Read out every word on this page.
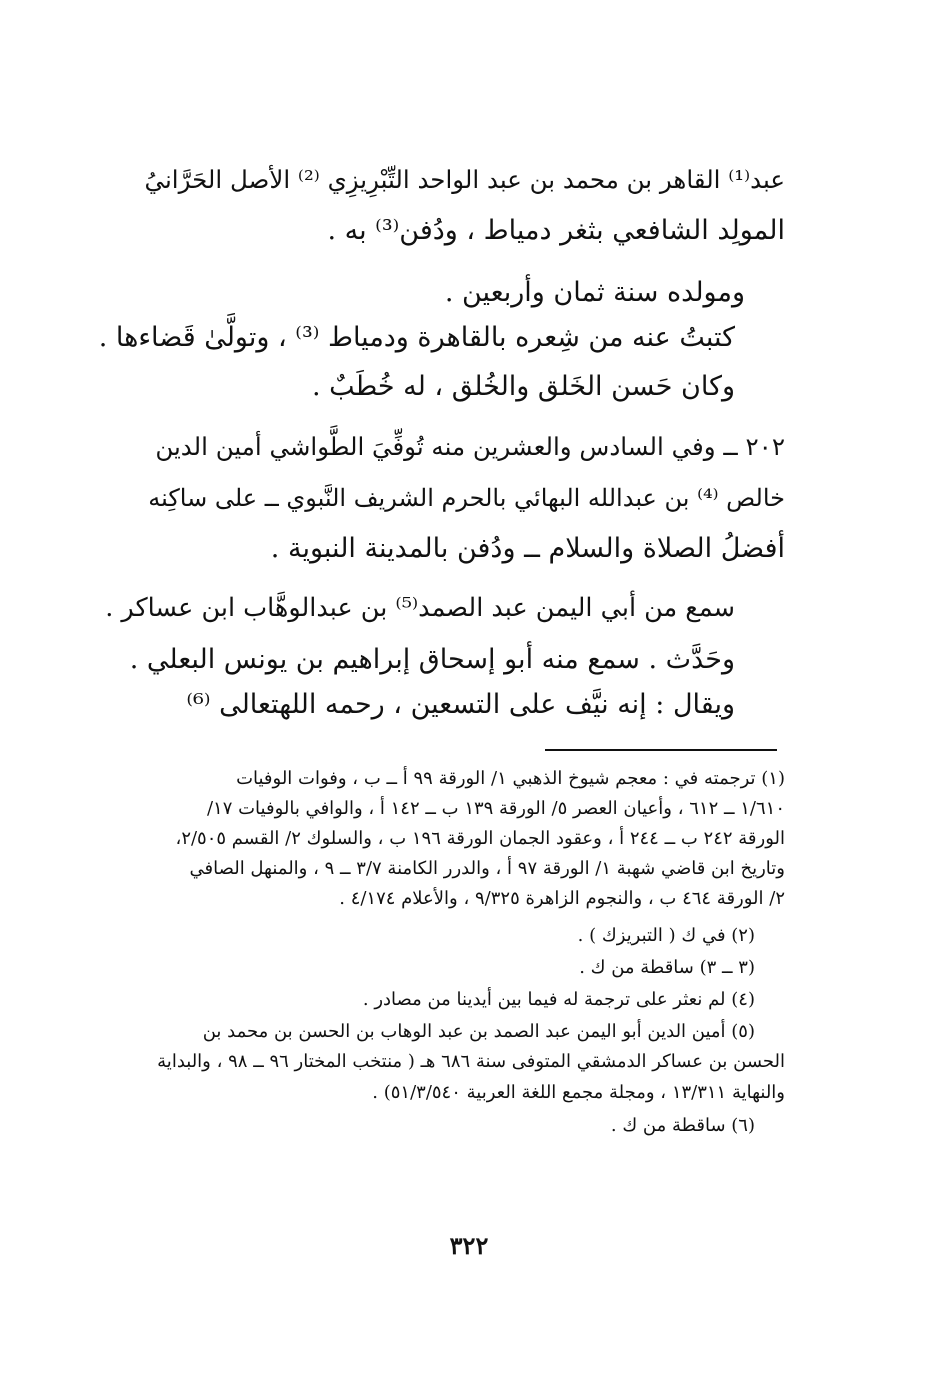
عبد⁽¹⁾ القاهر بن محمد بن عبد الواحد التِّبْرِيزِي ⁽²⁾ الأصل الحَرَّانيُ
المولِد الشافعي بثغر دمياط ، ودُفن⁽³⁾ به .
ومولده سنة ثمان وأربعين .
كتبتُ عنه من شِعره بالقاهرة ودمياط ⁽³⁾ ، وتولَّىٰ قَضاءها .
وكان حَسن الخَلق والخُلق ، له خُطَبٌ .
٢٠٢ ــ وفي السادس والعشرين منه تُوفِّيَ الطَّواشي أمين الدين
خالص ⁽⁴⁾ بن عبدالله البهائي بالحرم الشريف النَّبوي ــ على ساكِنه
أفضلُ الصلاة والسلام ــ ودُفن بالمدينة النبوية .
سمع من أبي اليمن عبد الصمد⁽⁵⁾ بن عبدالوهَّاب ابن عساكر .
وحَدَّث . سمع منه أبو إسحاق إبراهيم بن يونس البعلي .
ويقال : إنه نيَّف على التسعين ، رحمه اللهتعالى ⁽⁶⁾
(١) ترجمته في : معجم شيوخ الذهبي ١/ الورقة ٩٩ أ ــ ب ، وفوات الوفيات
١/٦١٠ ــ ٦١٢ ، وأعيان العصر ٥/ الورقة ١٣٩ ب ــ ١٤٢ أ ، والوافي بالوفيات ١٧/
الورقة ٢٤٢ ب ــ ٢٤٤ أ ، وعقود الجمان الورقة ١٩٦ ب ، والسلوك ٢/ القسم ٢/٥٠٥،
وتاريخ ابن قاضي شهبة ١/ الورقة ٩٧ أ ، والدرر الكامنة ٣/٧ ــ ٩ ، والمنهل الصافي
٢/ الورقة ٤٦٤ ب ، والنجوم الزاهرة ٩/٣٢٥ ، والأعلام ٤/١٧٤ .
(٢) في ك ( التبريزك ) .
(٣ ــ ٣) ساقطة من ك .
(٤) لم نعثر على ترجمة له فيما بين أيدينا من مصادر .
(٥) أمين الدين أبو اليمن عبد الصمد بن عبد الوهاب بن الحسن بن محمد بن
الحسن بن عساكر الدمشقي المتوفى سنة ٦٨٦ هـ ( منتخب المختار ٩٦ ــ ٩٨ ، والبداية
والنهاية ١٣/٣١١ ، ومجلة مجمع اللغة العربية ٥١/٣/٥٤٠) .
(٦) ساقطة من ك .
٣٢٢
